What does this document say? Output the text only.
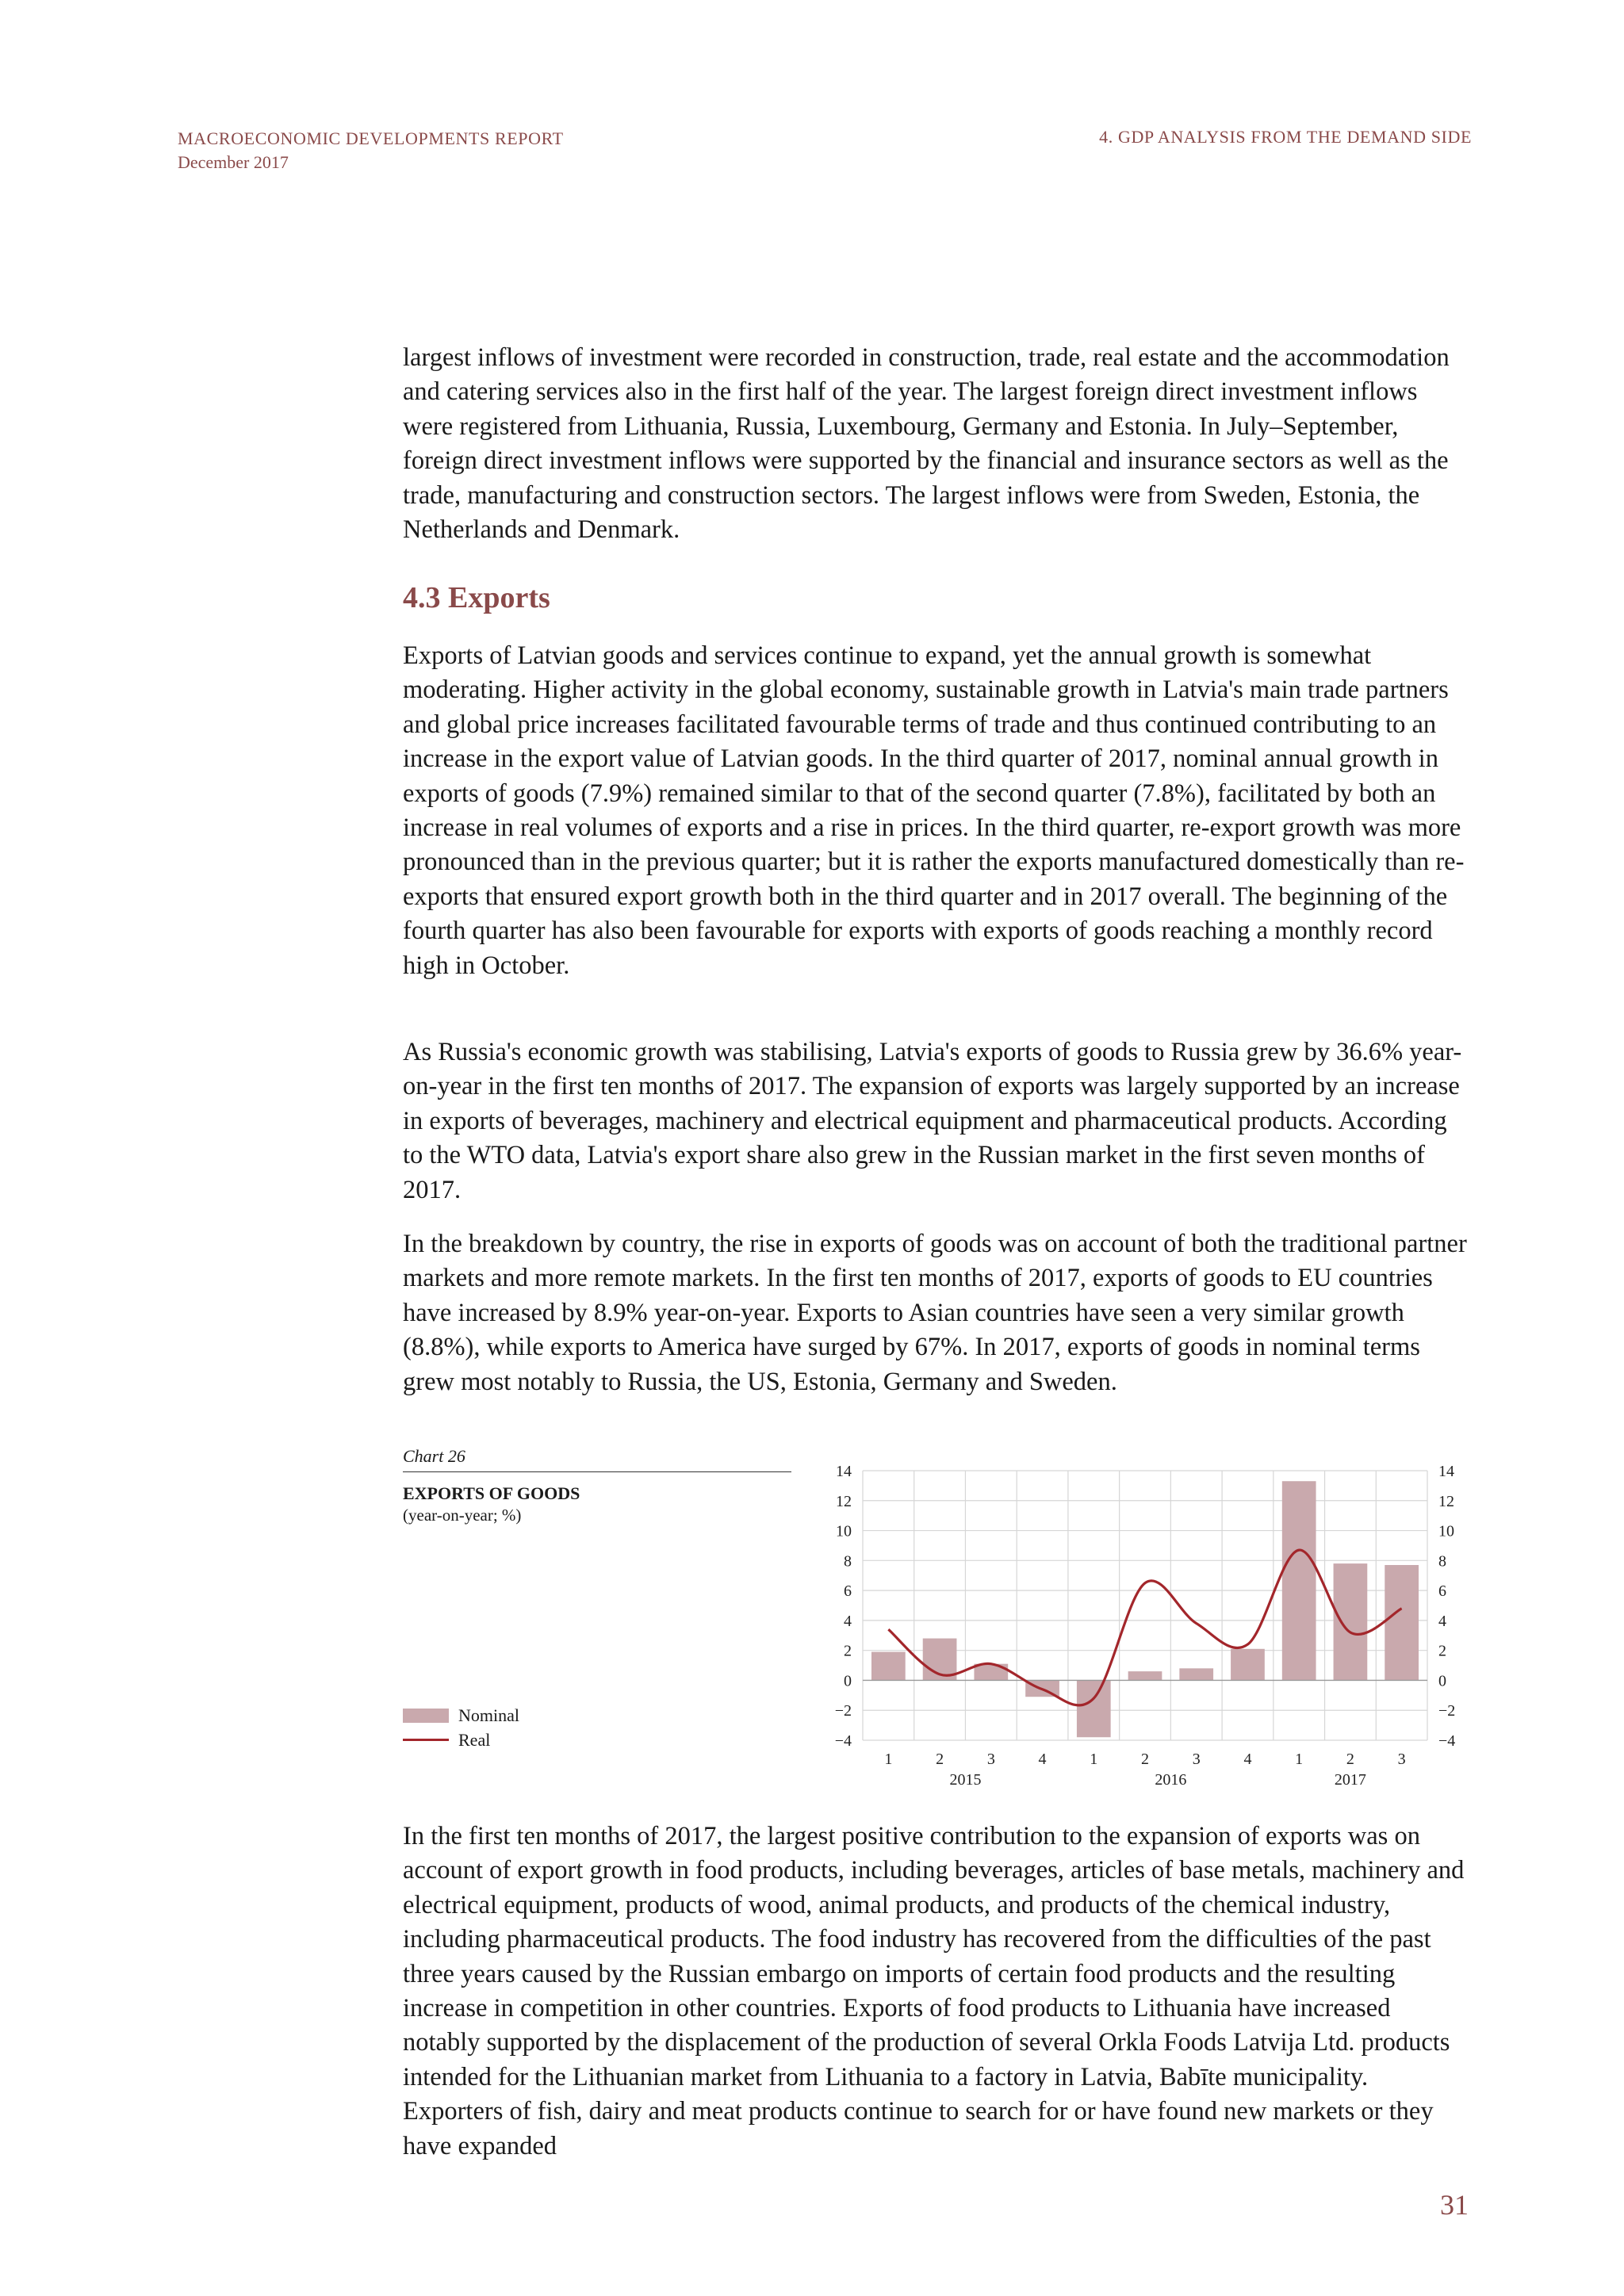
MACROECONOMIC DEVELOPMENTS REPORT
December 2017
4. GDP ANALYSIS FROM THE DEMAND SIDE

largest inflows of investment were recorded in construction, trade, real estate and the accommodation and catering services also in the first half of the year. The largest foreign direct investment inflows were registered from Lithuania, Russia, Luxembourg, Germany and Estonia. In July–September, foreign direct investment inflows were supported by the financial and insurance sectors as well as the trade, manufacturing and construction sectors. The largest inflows were from Sweden, Estonia, the Netherlands and Denmark.

4.3 Exports

Exports of Latvian goods and services continue to expand, yet the annual growth is somewhat moderating. Higher activity in the global economy, sustainable growth in Latvia's main trade partners and global price increases facilitated favourable terms of trade and thus continued contributing to an increase in the export value of Latvian goods. In the third quarter of 2017, nominal annual growth in exports of goods (7.9%) remained similar to that of the second quarter (7.8%), facilitated by both an increase in real volumes of exports and a rise in prices. In the third quarter, re-export growth was more pronounced than in the previous quarter; but it is rather the exports manufactured domestically than re-exports that ensured export growth both in the third quarter and in 2017 overall. The beginning of the fourth quarter has also been favourable for exports with exports of goods reaching a monthly record high in October.

As Russia's economic growth was stabilising, Latvia's exports of goods to Russia grew by 36.6% year-on-year in the first ten months of 2017. The expansion of exports was largely supported by an increase in exports of beverages, machinery and electrical equipment and pharmaceutical products. According to the WTO data, Latvia's export share also grew in the Russian market in the first seven months of 2017.

In the breakdown by country, the rise in exports of goods was on account of both the traditional partner markets and more remote markets. In the first ten months of 2017, exports of goods to EU countries have increased by 8.9% year-on-year. Exports to Asian countries have seen a very similar growth (8.8%), while exports to America have surged by 67%. In 2017, exports of goods in nominal terms grew most notably to Russia, the US, Estonia, Germany and Sweden.

Chart 26
EXPORTS OF GOODS
(year-on-year; %)
Nominal
Real	−4
−2
0
2
4
6
8
10
12
14
−4
−2
0
2
4
6
8
10
12
14
1	2	3	4	1	2	3	4	1	2	3
2015	2016	2017

In the first ten months of 2017, the largest positive contribution to the expansion of exports was on account of export growth in food products, including beverages, articles of base metals, machinery and electrical equipment, products of wood, animal products, and products of the chemical industry, including pharmaceutical products. The food industry has recovered from the difficulties of the past three years caused by the Russian embargo on imports of certain food products and the resulting increase in competition in other countries. Exports of food products to Lithuania have increased notably supported by the displacement of the production of several Orkla Foods Latvija Ltd. products intended for the Lithuanian market from Lithuania to a factory in Latvia, Babīte municipality. Exporters of fish, dairy and meat products continue to search for or have found new markets or they have expanded

31
